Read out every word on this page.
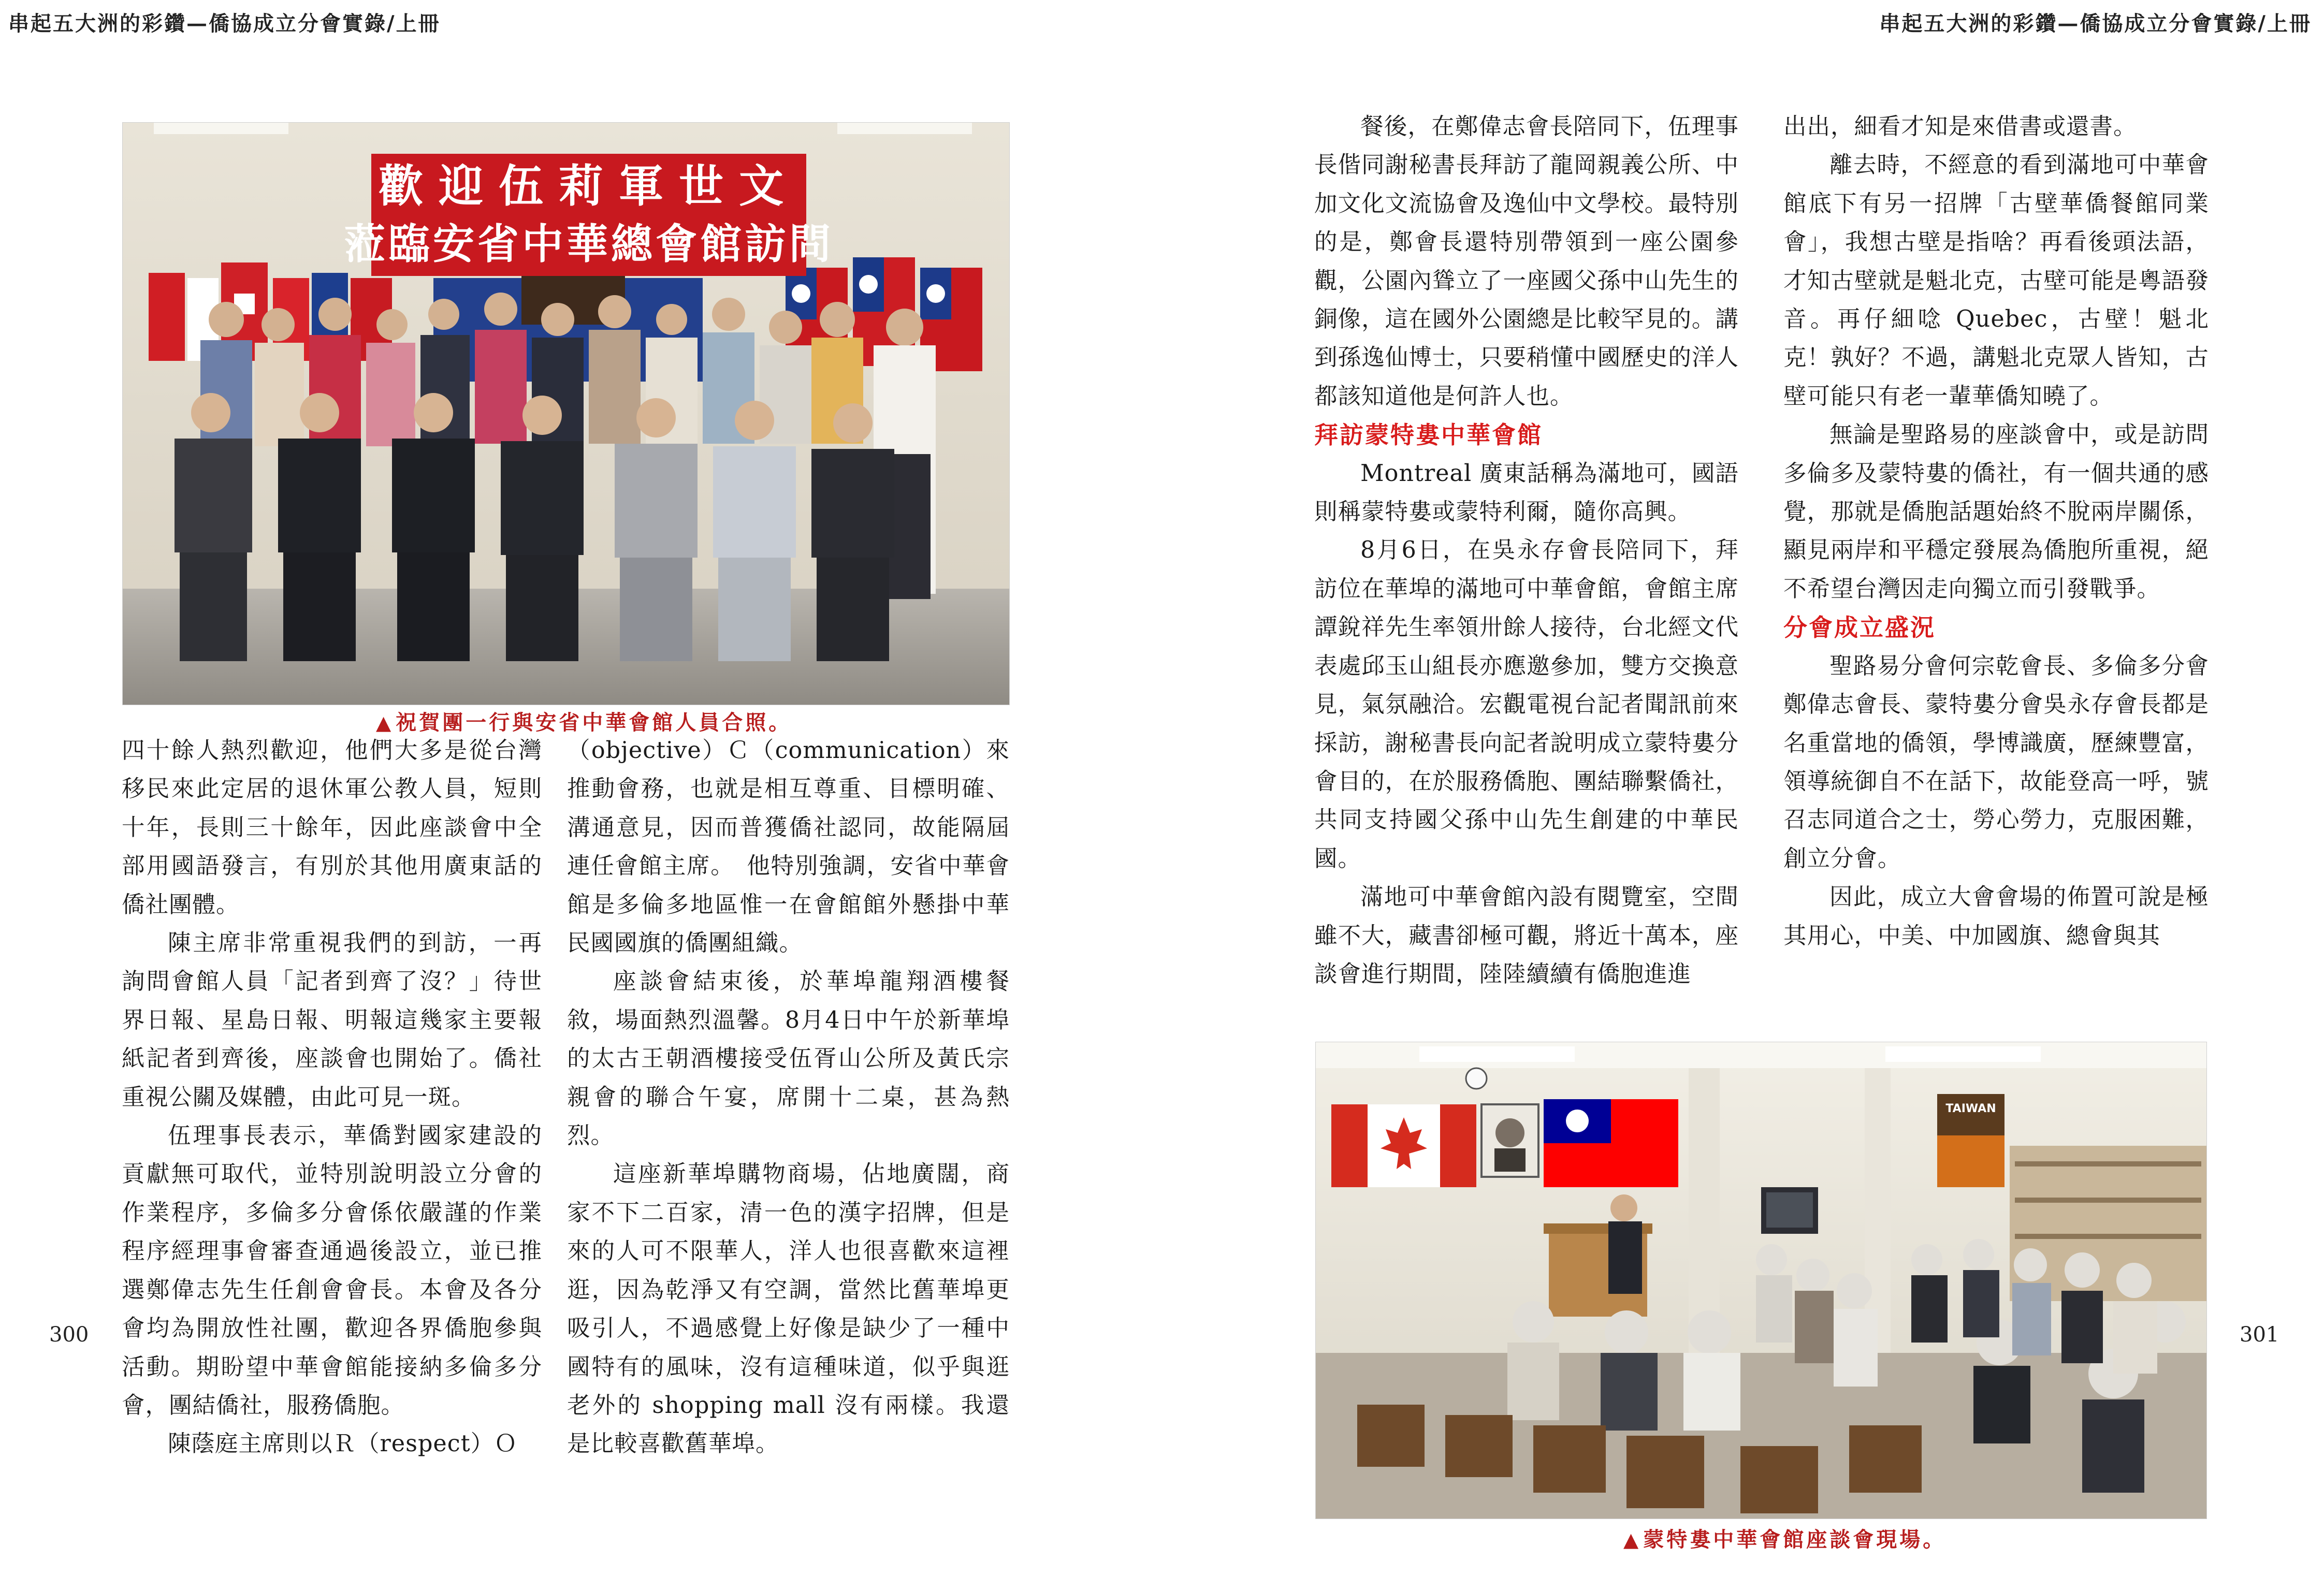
串起五大洲的彩鑽—僑協成立分會實錄/上冊	串起五大洲的彩鑽—僑協成立分會實錄/上冊
歡迎伍莉軍世文
蒞臨安省中華總會館訪問
▲ 祝賀團一行與安省中華會館人員合照。

四十餘人熱烈歡迎，他們大多是從台灣移民來此定居的退休軍公教人員，短則十年，長則三十餘年，因此座談會中全部用國語發言，有別於其他用廣東話的僑社團體。

陳主席非常重視我們的到訪，一再詢問會館人員「記者到齊了沒？」待世界日報、星島日報、明報這幾家主要報紙記者到齊後，座談會也開始了。僑社重視公關及媒體，由此可見一斑。

伍理事長表示，華僑對國家建設的貢獻無可取代，並特別說明設立分會的作業程序，多倫多分會係依嚴謹的作業程序經理事會審查通過後設立，並已推選鄭偉志先生任創會會長。本會及各分會均為開放性社團，歡迎各界僑胞參與活動。期盼望中華會館能接納多倫多分會，團結僑社，服務僑胞。

陳蔭庭主席則以Ｒ（respect）Ｏ

（objective）Ｃ（communication）來推動會務，也就是相互尊重、目標明確、溝通意見，因而普獲僑社認同，故能隔屆連任會館主席。　他特別強調，安省中華會館是多倫多地區惟一在會館館外懸掛中華民國國旗的僑團組織。

座談會結束後，於華埠龍翔酒樓餐敘，場面熱烈溫馨。8月4日中午於新華埠的太古王朝酒樓接受伍胥山公所及黃氏宗親會的聯合午宴，席開十二桌，甚為熱烈。

這座新華埠購物商場，佔地廣闊，商家不下二百家，清一色的漢字招牌，但是來的人可不限華人，洋人也很喜歡來這裡逛，因為乾淨又有空調，當然比舊華埠更吸引人，不過感覺上好像是缺少了一種中國特有的風味，沒有這種味道，似乎與逛老外的 shopping mall 沒有兩樣。我還是比較喜歡舊華埠。

300

餐後，在鄭偉志會長陪同下，伍理事長偕同謝秘書長拜訪了龍岡親義公所、中加文化文流協會及逸仙中文學校。最特別的是，鄭會長還特別帶領到一座公園參觀，公園內聳立了一座國父孫中山先生的銅像，這在國外公園總是比較罕見的。講到孫逸仙博士，只要稍懂中國歷史的洋人都該知道他是何許人也。

拜訪蒙特婁中華會館

Montreal 廣東話稱為滿地可，國語則稱蒙特婁或蒙特利爾，隨你高興。

8月6日，在吳永存會長陪同下，拜訪位在華埠的滿地可中華會館，會館主席譚銳祥先生率領卅餘人接待，台北經文代表處邱玉山組長亦應邀參加，雙方交換意見，氣氛融洽。宏觀電視台記者聞訊前來採訪，謝秘書長向記者說明成立蒙特婁分會目的，在於服務僑胞、團結聯繫僑社，共同支持國父孫中山先生創建的中華民國。

滿地可中華會館內設有閱覽室，空間雖不大，藏書卻極可觀，將近十萬本，座談會進行期間，陸陸續續有僑胞進進

出出，細看才知是來借書或還書。

離去時，不經意的看到滿地可中華會館底下有另一招牌「古壁華僑餐館同業會」，我想古壁是指啥？再看後頭法語，才知古壁就是魁北克，古壁可能是粵語發音。再仔細唸 Quebec，古壁！魁北克！孰好？不過，講魁北克眾人皆知，古壁可能只有老一輩華僑知曉了。

無論是聖路易的座談會中，或是訪問多倫多及蒙特婁的僑社，有一個共通的感覺，那就是僑胞話題始終不脫兩岸關係，顯見兩岸和平穩定發展為僑胞所重視，絕不希望台灣因走向獨立而引發戰爭。

分會成立盛況

聖路易分會何宗乾會長、多倫多分會鄭偉志會長、蒙特婁分會吳永存會長都是名重當地的僑領，學博識廣，歷練豐富，領導統御自不在話下，故能登高一呼，號召志同道合之士，勞心勞力，克服困難，創立分會。

因此，成立大會會場的佈置可說是極其用心，中美、中加國旗、總會與其

TAIWAN
▲ 蒙特婁中華會館座談會現場。
301
